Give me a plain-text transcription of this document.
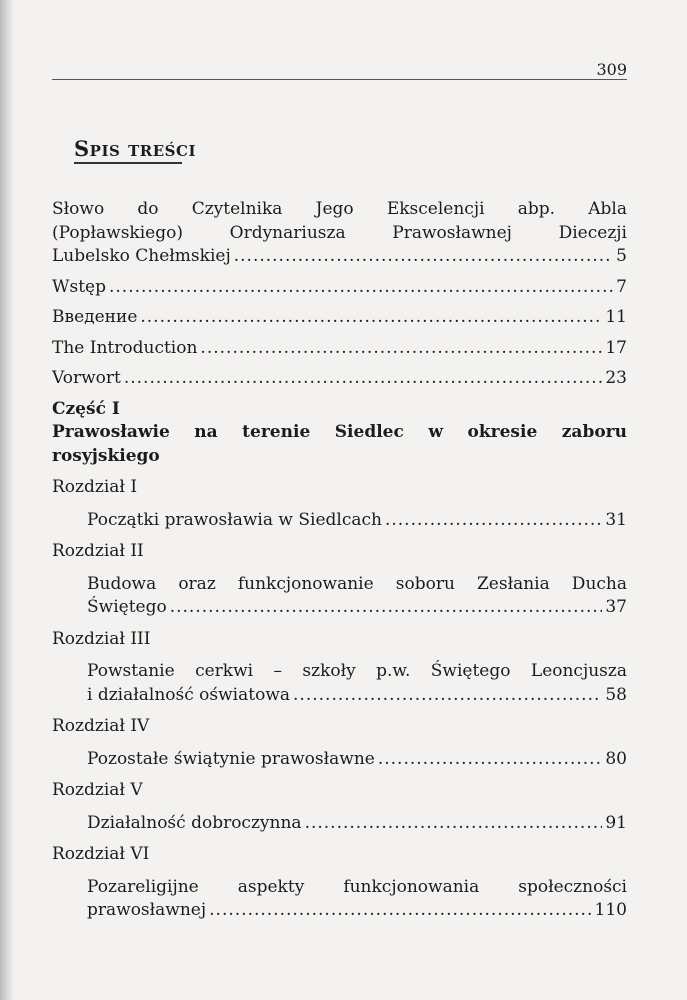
309
SPIS TREŚCI
Słowo do Czytelnika Jego Ekscelencji abp. Abla
(Popławskiego) Ordynariusza Prawosławnej Diecezji
Lubelsko Chełmskiej .....	5
Wstęp .....	7
Введение .....	11
The Introduction .....	17
Vorwort .....	23
Część I
Prawosławie na terenie Siedlec w okresie zaboru
rosyjskiego
Rozdział I
Początki prawosławia w Siedlcach .....	31
Rozdział II
Budowa oraz funkcjonowanie soboru Zesłania Ducha
Świętego .....	37
Rozdział III
Powstanie cerkwi – szkoły p.w. Świętego Leoncjusza
i działalność oświatowa .....	58
Rozdział IV
Pozostałe świątynie prawosławne .....	80
Rozdział V
Działalność dobroczynna .....	91
Rozdział VI
Pozareligijne aspekty funkcjonowania społeczności
prawosławnej .....	110
